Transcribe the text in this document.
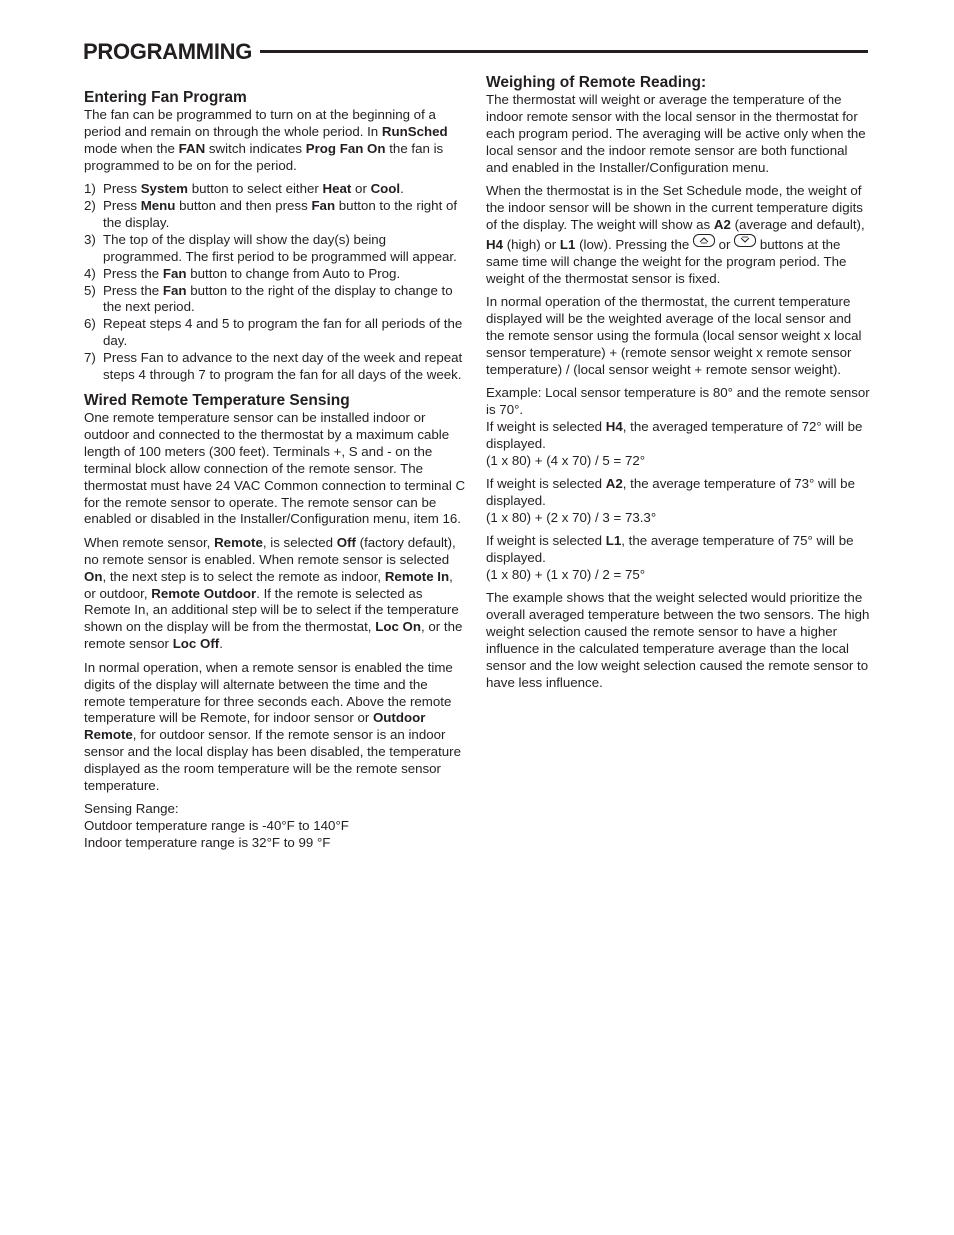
PROGRAMMING
Entering Fan Program

The fan can be programmed to turn on at the beginning of a period and remain on through the whole period. In RunSched mode when the FAN switch indicates Prog Fan On the fan is programmed to be on for the period.

1) Press System button to select either Heat or Cool.
2) Press Menu button and then press Fan button to the right of the display.
3) The top of the display will show the day(s) being programmed. The first period to be programmed will appear.
4) Press the Fan button to change from Auto to Prog.
5) Press the Fan button to the right of the display to change to the next period.
6) Repeat steps 4 and 5 to program the fan for all periods of the day.
7) Press Fan to advance to the next day of the week and repeat steps 4 through 7 to program the fan for all days of the week.
Wired Remote Temperature Sensing

One remote temperature sensor can be installed indoor or outdoor and connected to the thermostat by a maximum cable length of 100 meters (300 feet). Terminals +, S and - on the terminal block allow connection of the remote sensor. The thermostat must have 24 VAC Common connection to terminal C for the remote sensor to operate. The remote sensor can be enabled or disabled in the Installer/Configuration menu, item 16.

When remote sensor, Remote, is selected Off (factory default), no remote sensor is enabled. When remote sensor is selected On, the next step is to select the remote as indoor, Remote In, or outdoor, Remote Outdoor. If the remote is selected as Remote In, an additional step will be to select if the temperature shown on the display will be from the thermostat, Loc On, or the remote sensor Loc Off.

In normal operation, when a remote sensor is enabled the time digits of the display will alternate between the time and the remote temperature for three seconds each. Above the remote temperature will be Remote, for indoor sensor or Outdoor Remote, for outdoor sensor. If the remote sensor is an indoor sensor and the local display has been disabled, the temperature displayed as the room temperature will be the remote sensor temperature.

Sensing Range:
Outdoor temperature range is -40°F to 140°F
Indoor temperature range is 32°F to 99 °F

Weighing of Remote Reading:

The thermostat will weight or average the temperature of the indoor remote sensor with the local sensor in the thermostat for each program period. The averaging will be active only when the local sensor and the indoor remote sensor are both functional and enabled in the Installer/Configuration menu.

When the thermostat is in the Set Schedule mode, the weight of the indoor sensor will be shown in the current temperature digits of the display. The weight will show as A2 (average and default), H4 (high) or L1 (low). Pressing the
or
buttons at the same time will change the weight for the program period. The weight of the thermostat sensor is fixed.

In normal operation of the thermostat, the current temperature displayed will be the weighted average of the local sensor and the remote sensor using the formula (local sensor weight x local sensor temperature) + (remote sensor weight x remote sensor temperature) / (local sensor weight + remote sensor weight).

Example: Local sensor temperature is 80° and the remote sensor is 70°.
If weight is selected H4, the averaged temperature of 72° will be displayed.
(1 x 80) + (4 x 70) / 5 = 72°

If weight is selected A2, the average temperature of 73° will be displayed.
(1 x 80) + (2 x 70) / 3 = 73.3°

If weight is selected L1, the average temperature of 75° will be displayed.
(1 x 80) + (1 x 70) / 2 = 75°

The example shows that the weight selected would prioritize the overall averaged temperature between the two sensors. The high weight selection caused the remote sensor to have a higher influence in the calculated temperature average than the local sensor and the low weight selection caused the remote sensor to have less influence.
